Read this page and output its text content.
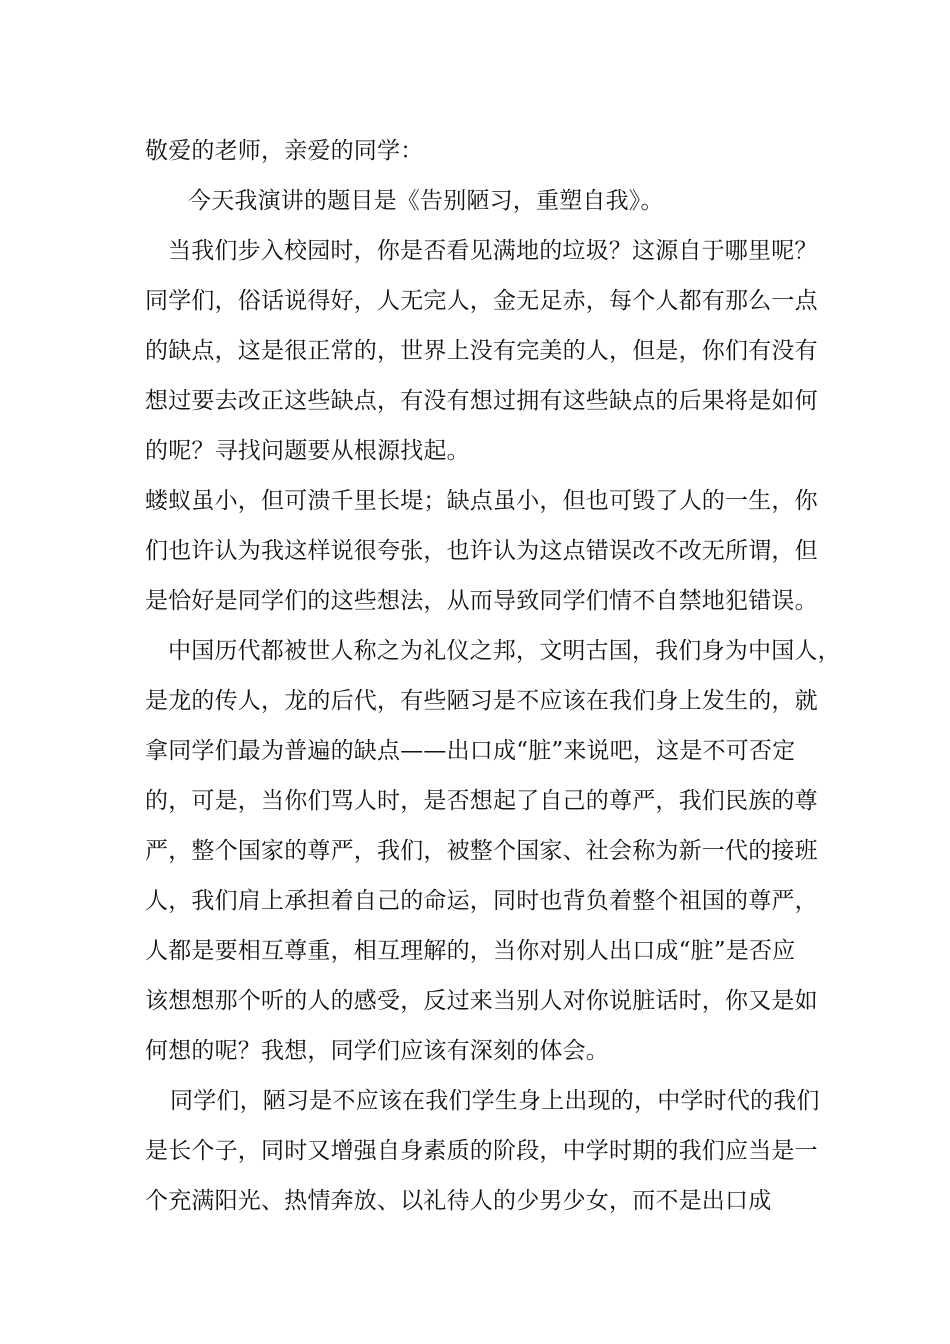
敬爱的老师，亲爱的同学：
今天我演讲的题目是《告别陋习，重塑自我》。
当我们步入校园时，你是否看见满地的垃圾？这源自于哪里呢？
同学们，俗话说得好，人无完人，金无足赤，每个人都有那么一点
的缺点，这是很正常的，世界上没有完美的人，但是，你们有没有
想过要去改正这些缺点，有没有想过拥有这些缺点的后果将是如何
的呢？寻找问题要从根源找起。
蝼蚁虽小，但可溃千里长堤；缺点虽小，但也可毁了人的一生，你
们也许认为我这样说很夸张，也许认为这点错误改不改无所谓，但
是恰好是同学们的这些想法，从而导致同学们情不自禁地犯错误。
中国历代都被世人称之为礼仪之邦，文明古国，我们身为中国人，
是龙的传人，龙的后代，有些陋习是不应该在我们身上发生的，就
拿同学们最为普遍的缺点——出口成“脏”来说吧，这是不可否定
的，可是，当你们骂人时，是否想起了自己的尊严，我们民族的尊
严，整个国家的尊严，我们，被整个国家、社会称为新一代的接班
人，我们肩上承担着自己的命运，同时也背负着整个祖国的尊严，
人都是要相互尊重，相互理解的，当你对别人出口成“脏”是否应
该想想那个听的人的感受，反过来当别人对你说脏话时，你又是如
何想的呢？我想，同学们应该有深刻的体会。
同学们，陋习是不应该在我们学生身上出现的，中学时代的我们
是长个子，同时又增强自身素质的阶段，中学时期的我们应当是一
个充满阳光、热情奔放、以礼待人的少男少女，而不是出口成
